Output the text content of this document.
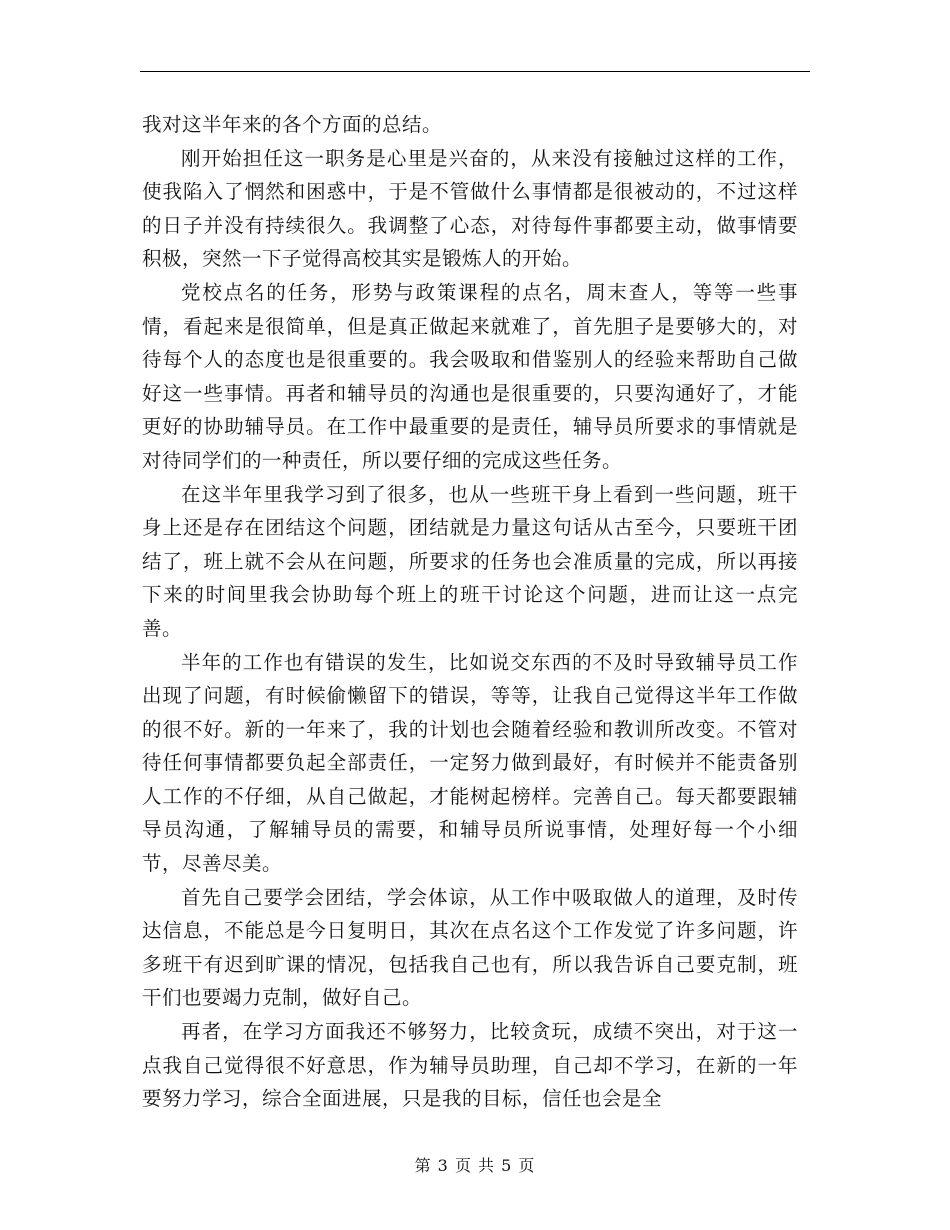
我对这半年来的各个方面的总结。

刚开始担任这一职务是心里是兴奋的，从来没有接触过这样的工作，使我陷入了惘然和困惑中，于是不管做什么事情都是很被动的，不过这样的日子并没有持续很久。我调整了心态，对待每件事都要主动，做事情要积极，突然一下子觉得高校其实是锻炼人的开始。

党校点名的任务，形势与政策课程的点名，周末查人，等等一些事情，看起来是很简单，但是真正做起来就难了，首先胆子是要够大的，对待每个人的态度也是很重要的。我会吸取和借鉴别人的经验来帮助自己做好这一些事情。再者和辅导员的沟通也是很重要的，只要沟通好了，才能更好的协助辅导员。在工作中最重要的是责任，辅导员所要求的事情就是对待同学们的一种责任，所以要仔细的完成这些任务。

在这半年里我学习到了很多，也从一些班干身上看到一些问题，班干身上还是存在团结这个问题，团结就是力量这句话从古至今，只要班干团结了，班上就不会从在问题，所要求的任务也会准质量的完成，所以再接下来的时间里我会协助每个班上的班干讨论这个问题，进而让这一点完善。

半年的工作也有错误的发生，比如说交东西的不及时导致辅导员工作出现了问题，有时候偷懒留下的错误，等等，让我自己觉得这半年工作做的很不好。新的一年来了，我的计划也会随着经验和教训所改变。不管对待任何事情都要负起全部责任，一定努力做到最好，有时候并不能责备别人工作的不仔细，从自己做起，才能树起榜样。完善自己。每天都要跟辅导员沟通，了解辅导员的需要，和辅导员所说事情，处理好每一个小细节，尽善尽美。

首先自己要学会团结，学会体谅，从工作中吸取做人的道理，及时传达信息，不能总是今日复明日，其次在点名这个工作发觉了许多问题，许多班干有迟到旷课的情况，包括我自己也有，所以我告诉自己要克制，班干们也要竭力克制，做好自己。

再者，在学习方面我还不够努力，比较贪玩，成绩不突出，对于这一点我自己觉得很不好意思，作为辅导员助理，自己却不学习，在新的一年要努力学习，综合全面进展，只是我的目标，信任也会是全

第 3 页 共 5 页
